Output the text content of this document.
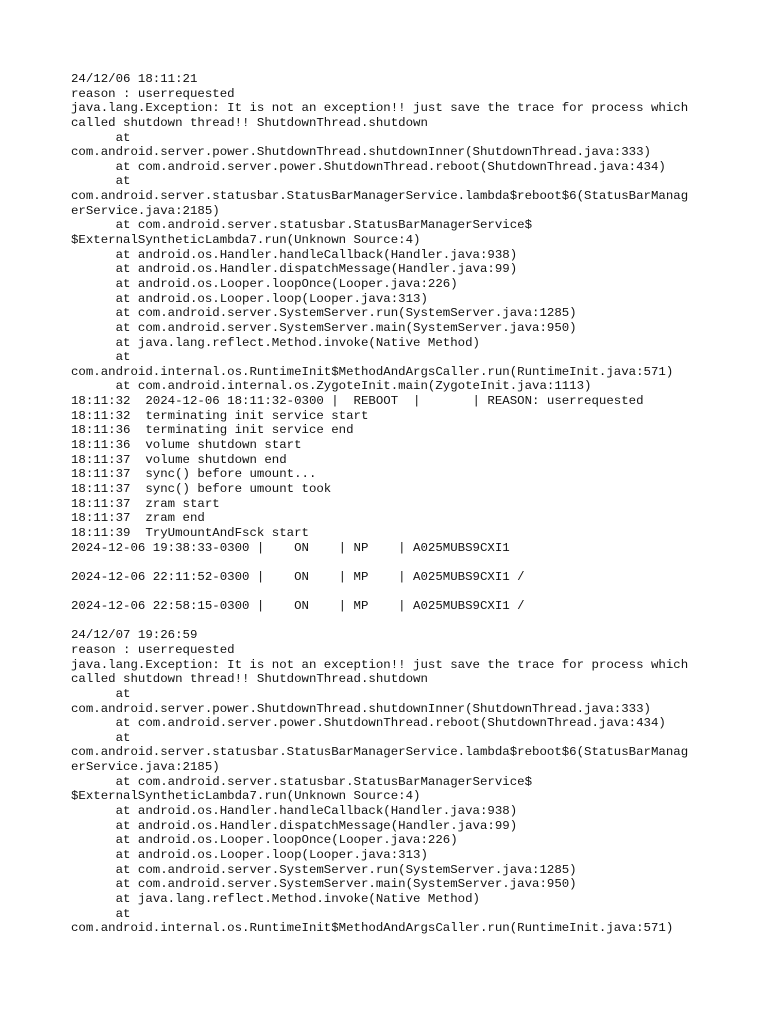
24/12/06 18:11:21
reason : userrequested
java.lang.Exception: It is not an exception!! just save the trace for process which
called shutdown thread!! ShutdownThread.shutdown
at
com.android.server.power.ShutdownThread.shutdownInner(ShutdownThread.java:333)
at com.android.server.power.ShutdownThread.reboot(ShutdownThread.java:434)
at
com.android.server.statusbar.StatusBarManagerService.lambda$reboot$6(StatusBarManag
erService.java:2185)
at com.android.server.statusbar.StatusBarManagerService$
$ExternalSyntheticLambda7.run(Unknown Source:4)
at android.os.Handler.handleCallback(Handler.java:938)
at android.os.Handler.dispatchMessage(Handler.java:99)
at android.os.Looper.loopOnce(Looper.java:226)
at android.os.Looper.loop(Looper.java:313)
at com.android.server.SystemServer.run(SystemServer.java:1285)
at com.android.server.SystemServer.main(SystemServer.java:950)
at java.lang.reflect.Method.invoke(Native Method)
at
com.android.internal.os.RuntimeInit$MethodAndArgsCaller.run(RuntimeInit.java:571)
at com.android.internal.os.ZygoteInit.main(ZygoteInit.java:1113)
18:11:32  2024-12-06 18:11:32-0300 |  REBOOT  |       | REASON: userrequested
18:11:32  terminating init service start
18:11:36  terminating init service end
18:11:36  volume shutdown start
18:11:37  volume shutdown end
18:11:37  sync() before umount...
18:11:37  sync() before umount took
18:11:37  zram start
18:11:37  zram end
18:11:39  TryUmountAndFsck start
2024-12-06 19:38:33-0300 |    ON    | NP    | A025MUBS9CXI1
2024-12-06 22:11:52-0300 |    ON    | MP    | A025MUBS9CXI1 /
2024-12-06 22:58:15-0300 |    ON    | MP    | A025MUBS9CXI1 /
24/12/07 19:26:59
reason : userrequested
java.lang.Exception: It is not an exception!! just save the trace for process which
called shutdown thread!! ShutdownThread.shutdown
at
com.android.server.power.ShutdownThread.shutdownInner(ShutdownThread.java:333)
at com.android.server.power.ShutdownThread.reboot(ShutdownThread.java:434)
at
com.android.server.statusbar.StatusBarManagerService.lambda$reboot$6(StatusBarManag
erService.java:2185)
at com.android.server.statusbar.StatusBarManagerService$
$ExternalSyntheticLambda7.run(Unknown Source:4)
at android.os.Handler.handleCallback(Handler.java:938)
at android.os.Handler.dispatchMessage(Handler.java:99)
at android.os.Looper.loopOnce(Looper.java:226)
at android.os.Looper.loop(Looper.java:313)
at com.android.server.SystemServer.run(SystemServer.java:1285)
at com.android.server.SystemServer.main(SystemServer.java:950)
at java.lang.reflect.Method.invoke(Native Method)
at
com.android.internal.os.RuntimeInit$MethodAndArgsCaller.run(RuntimeInit.java:571)
